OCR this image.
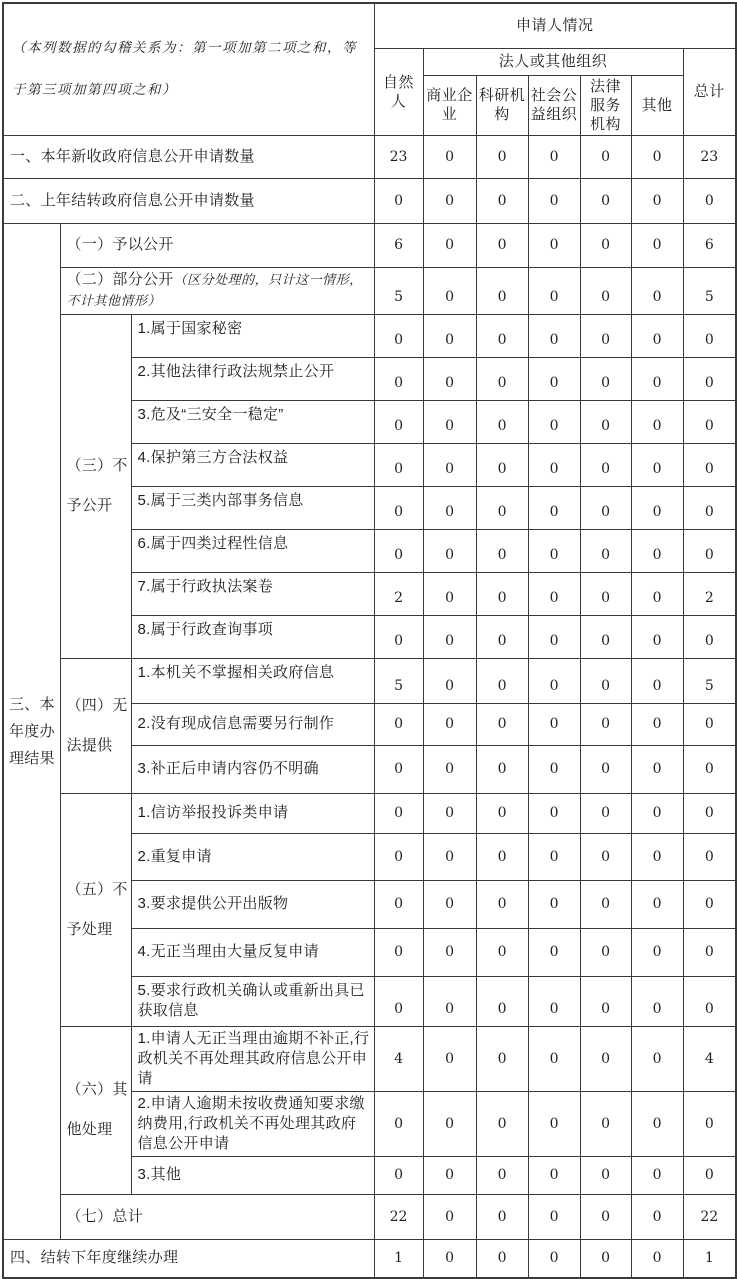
（本列数据的勾稽关系为：第一项加第二项之和，等于第三项加第四项之和）			申请人情况						
			自然人	法人或其他组织					总计
				商业企业	科研机构	社会公益组织	法律服务机构	其他	
一、本年新收政府信息公开申请数量			23	0	0	0	0	0	23
二、上年结转政府信息公开申请数量			0	0	0	0	0	0	0
三、本年度办理结果	（一）予以公开		6	0	0	0	0	0	6
	（二）部分公开（区分处理的，只计这一情形，不计其他情形）		5	0	0	0	0	0	5
	（三）不予公开	1.属于国家秘密	0	0	0	0	0	0	0
		2.其他法律行政法规禁止公开	0	0	0	0	0	0	0
		3.危及“三安全一稳定”	0	0	0	0	0	0	0
		4.保护第三方合法权益	0	0	0	0	0	0	0
		5.属于三类内部事务信息	0	0	0	0	0	0	0
		6.属于四类过程性信息	0	0	0	0	0	0	0
		7.属于行政执法案卷	2	0	0	0	0	0	2
		8.属于行政查询事项	0	0	0	0	0	0	0
	（四）无法提供	1.本机关不掌握相关政府信息	5	0	0	0	0	0	5
		2.没有现成信息需要另行制作	0	0	0	0	0	0	0
		3.补正后申请内容仍不明确	0	0	0	0	0	0	0
	（五）不予处理	1.信访举报投诉类申请	0	0	0	0	0	0	0
		2.重复申请	0	0	0	0	0	0	0
		3.要求提供公开出版物	0	0	0	0	0	0	0
		4.无正当理由大量反复申请	0	0	0	0	0	0	0
		5.要求行政机关确认或重新出具已获取信息	0	0	0	0	0	0	0
	（六）其他处理	1.申请人无正当理由逾期不补正,行政机关不再处理其政府信息公开申请	4	0	0	0	0	0	4
		2.申请人逾期未按收费通知要求缴纳费用,行政机关不再处理其政府信息公开申请	0	0	0	0	0	0	0
		3.其他	0	0	0	0	0	0	0
	（七）总计		22	0	0	0	0	0	22
四、结转下年度继续办理			1	0	0	0	0	0	1
